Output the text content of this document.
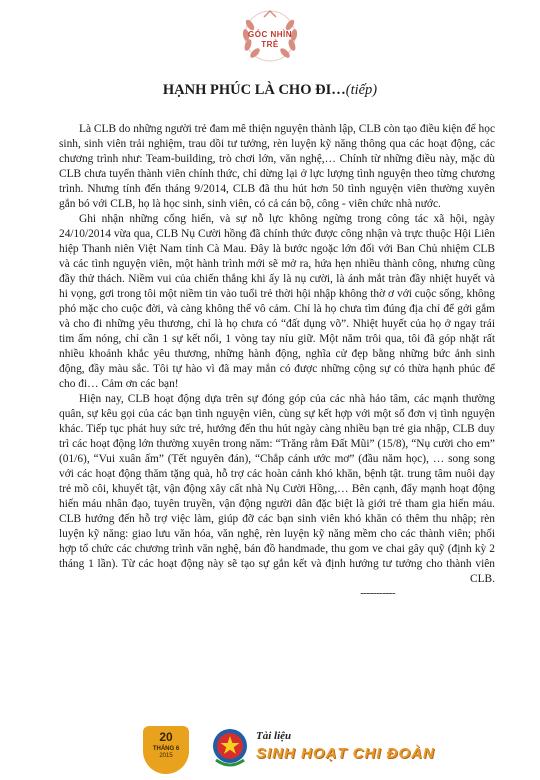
GÓC NHÌN
TRẺ
HẠNH PHÚC LÀ CHO ĐI…(tiếp)

Là CLB do những người trẻ đam mê thiện nguyện thành lập, CLB còn tạo điều kiện để học sinh, sinh viên trải nghiệm, trau dồi tư tưởng, rèn luyện kỹ năng thông qua các hoạt động, các chương trình như: Team-building, trò chơi lớn, văn nghệ,… Chính từ những điều này, mặc dù CLB chưa tuyển thành viên chính thức, chỉ dừng lại ở lực lượng tình nguyện theo từng chương trình. Nhưng tính đến tháng 9/2014, CLB đã thu hút hơn 50 tình nguyện viên thường xuyên gắn bó với CLB, họ là học sinh, sinh viên, có cả cán bộ, công - viên chức nhà nước.

Ghi nhận những cống hiến, và sự nỗ lực không ngừng trong công tác xã hội, ngày 24/10/2014 vừa qua, CLB Nụ Cười hồng đã chính thức được công nhận và trực thuộc Hội Liên hiệp Thanh niên Việt Nam tỉnh Cà Mau. Đây là bước ngoặc lớn đối với Ban Chủ nhiệm CLB và các tình nguyện viên, một hành trình mới sẽ mở ra, hứa hẹn nhiều thành công, nhưng cũng đầy thử thách. Niềm vui của chiến thắng khi ấy là nụ cười, là ánh mắt tràn đầy nhiệt huyết và hi vọng, gơi trong tôi một niềm tin vào tuổi trẻ thời hội nhập không thờ ơ với cuộc sống, không phó mặc cho cuộc đời, và càng không thể vô cảm. Chỉ là họ chưa tìm đúng địa chỉ để gởi gắm và cho đi những yêu thương, chỉ là họ chưa có “đất dụng võ”. Nhiệt huyết của họ ở ngay trái tim ấm nóng, chỉ cần 1 sự kết nối, 1 vòng tay níu giữ. Một năm trôi qua, tôi đã góp nhặt rất nhiều khoảnh khắc yêu thương, những hành động, nghĩa cử đẹp bằng những bức ảnh sinh động, đầy màu sắc. Tôi tự hào vì đã may mắn có được những cộng sự có thừa hạnh phúc để cho đi… Cảm ơn các bạn!

Hiện nay, CLB hoạt động dựa trên sự đóng góp của các nhà hảo tâm, các mạnh thường quân, sự kêu gọi của các bạn tình nguyện viên, cùng sự kết hợp với một số đơn vị tình nguyện khác. Tiếp tục phát huy sức trẻ, hướng đến thu hút ngày càng nhiều bạn trẻ gia nhập, CLB duy trì các hoạt động lớn thường xuyên trong năm: “Trăng rằm Đất Mũi” (15/8), “Nụ cười cho em” (01/6), “Vui xuân ấm” (Tết nguyên đán), “Chắp cánh ước mơ” (đầu năm học), … song song với các hoạt động thăm tặng quà, hỗ trợ các hoàn cảnh khó khăn, bệnh tật. trung tâm nuôi dạy trẻ mồ côi, khuyết tật, vận động xây cất nhà Nụ Cười Hồng,… Bên cạnh, đẩy mạnh hoạt động hiến máu nhân đạo, tuyên truyền, vận động người dân đặc biệt là giới trẻ tham gia hiến máu. CLB hướng đến hỗ trợ việc làm, giúp đỡ các bạn sinh viên khó khăn có thêm thu nhập; rèn luyện kỹ năng: giao lưu văn hóa, văn nghệ, rèn luyện kỹ năng mềm cho các thành viên; phối hợp tổ chức các chương trình văn nghệ, bán đồ handmade, thu gom ve chai gây quỹ (định kỳ 2 tháng 1 lần). Từ các hoạt động này sẽ tạo sự gắn kết và định hướng tư tưởng cho thành viên CLB.

-----------
20
THÁNG 6
2015
Tài liệu
SINH HOẠT CHI ĐOÀN
